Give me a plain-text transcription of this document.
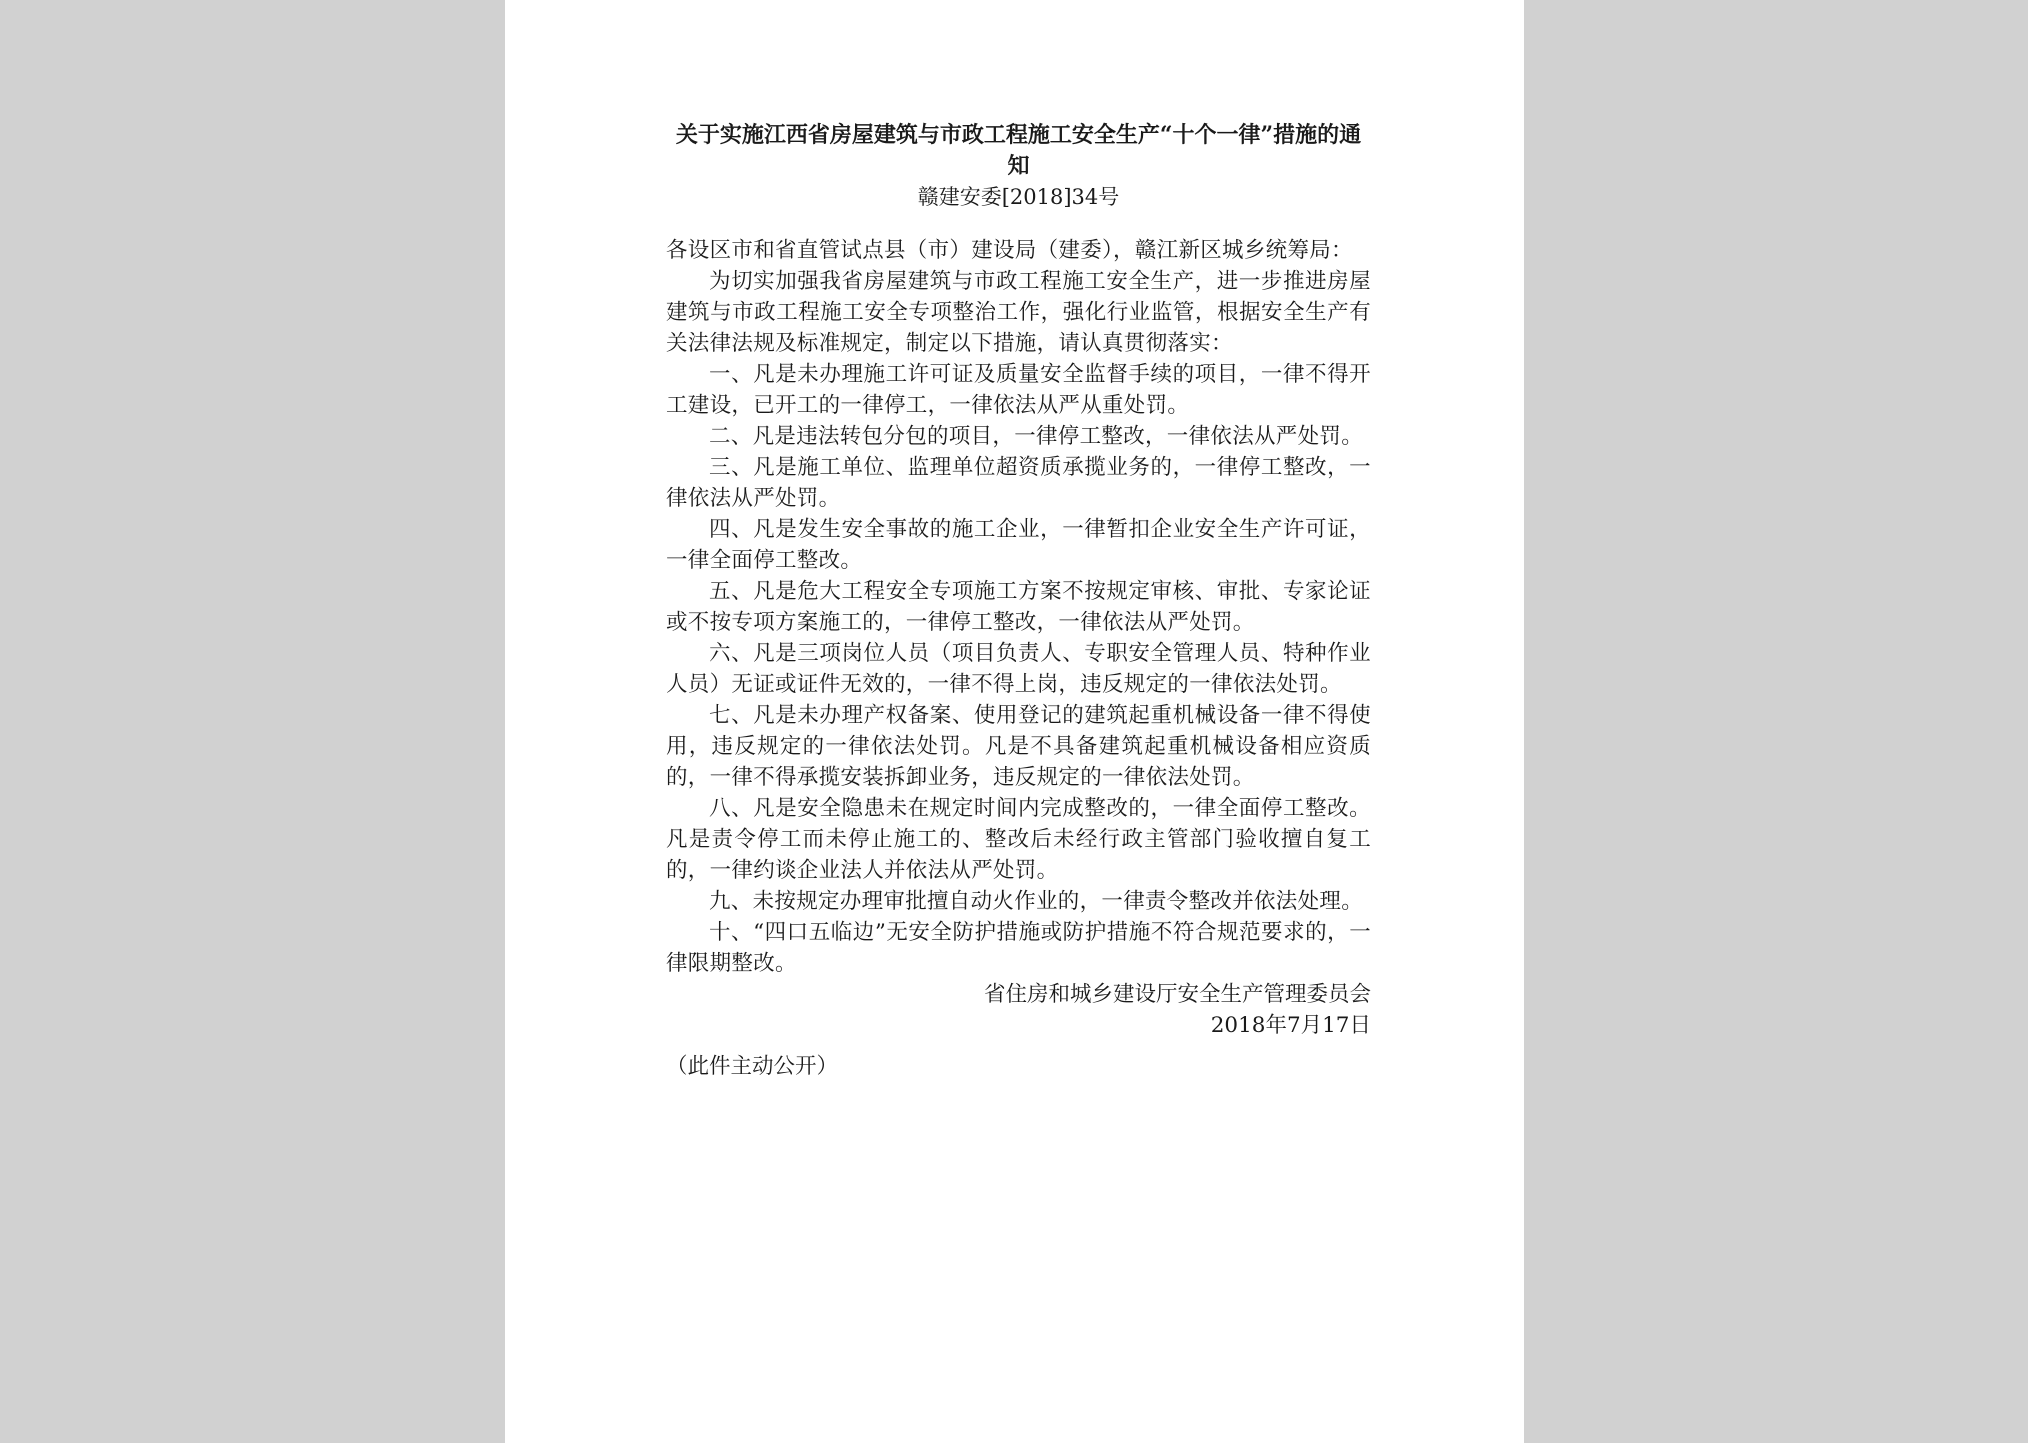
关于实施江西省房屋建筑与市政工程施工安全生产“十个一律”措施的通知
赣建安委[2018]34号

各设区市和省直管试点县（市）建设局（建委），赣江新区城乡统筹局：

为切实加强我省房屋建筑与市政工程施工安全生产，进一步推进房屋建筑与市政工程施工安全专项整治工作，强化行业监管，根据安全生产有关法律法规及标准规定，制定以下措施，请认真贯彻落实：

一、凡是未办理施工许可证及质量安全监督手续的项目，一律不得开工建设，已开工的一律停工，一律依法从严从重处罚。

二、凡是违法转包分包的项目，一律停工整改，一律依法从严处罚。

三、凡是施工单位、监理单位超资质承揽业务的，一律停工整改，一律依法从严处罚。

四、凡是发生安全事故的施工企业，一律暂扣企业安全生产许可证，一律全面停工整改。

五、凡是危大工程安全专项施工方案不按规定审核、审批、专家论证或不按专项方案施工的，一律停工整改，一律依法从严处罚。

六、凡是三项岗位人员（项目负责人、专职安全管理人员、特种作业人员）无证或证件无效的，一律不得上岗，违反规定的一律依法处罚。

七、凡是未办理产权备案、使用登记的建筑起重机械设备一律不得使用，违反规定的一律依法处罚。凡是不具备建筑起重机械设备相应资质的，一律不得承揽安装拆卸业务，违反规定的一律依法处罚。

八、凡是安全隐患未在规定时间内完成整改的，一律全面停工整改。 凡是责令停工而未停止施工的、整改后未经行政主管部门验收擅自复工的，一律约谈企业法人并依法从严处罚。

九、未按规定办理审批擅自动火作业的，一律责令整改并依法处理。

十、“四口五临边”无安全防护措施或防护措施不符合规范要求的，一律限期整改。

省住房和城乡建设厅安全生产管理委员会
2018年7月17日
（此件主动公开）
